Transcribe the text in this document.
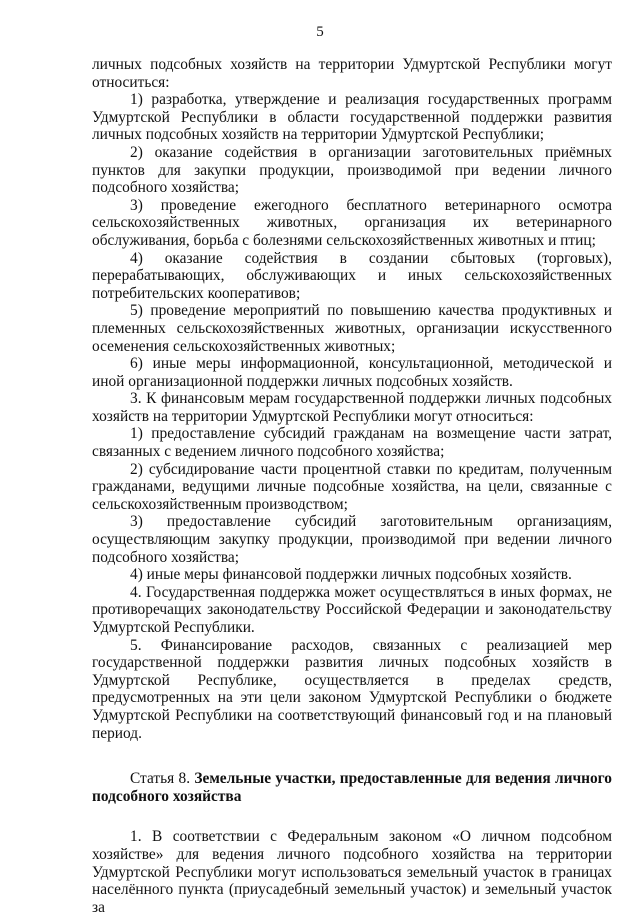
5

личных подсобных хозяйств на территории Удмуртской Республики могут относиться:

1) разработка, утверждение и реализация государственных программ Удмуртской Республики в области государственной поддержки развития личных подсобных хозяйств на территории Удмуртской Республики;

2) оказание содействия в организации заготовительных приёмных пунктов для закупки продукции, производимой при ведении личного подсобного хозяйства;

3) проведение ежегодного бесплатного ветеринарного осмотра сельскохозяйственных животных, организация их ветеринарного обслуживания, борьба с болезнями сельскохозяйственных животных и птиц;

4) оказание содействия в создании сбытовых (торговых), перерабатывающих, обслуживающих и иных сельскохозяйственных потребительских кооперативов;

5) проведение мероприятий по повышению качества продуктивных и племенных сельскохозяйственных животных, организации искусственного осеменения сельскохозяйственных животных;

6) иные меры информационной, консультационной, методической и иной организационной поддержки личных подсобных хозяйств.

3. К финансовым мерам государственной поддержки личных подсобных хозяйств на территории Удмуртской Республики могут относиться:

1) предоставление субсидий гражданам на возмещение части затрат, связанных с ведением личного подсобного хозяйства;

2) субсидирование части процентной ставки по кредитам, полученным гражданами, ведущими личные подсобные хозяйства, на цели, связанные с сельскохозяйственным производством;

3) предоставление субсидий заготовительным организациям, осуществляющим закупку продукции, производимой при ведении личного подсобного хозяйства;

4) иные меры финансовой поддержки личных подсобных хозяйств.

4. Государственная поддержка может осуществляться в иных формах, не противоречащих законодательству Российской Федерации и законодательству Удмуртской Республики.

5. Финансирование расходов, связанных с реализацией мер государственной поддержки развития личных подсобных хозяйств в Удмуртской Республике, осуществляется в пределах средств, предусмотренных на эти цели законом Удмуртской Республики о бюджете Удмуртской Республики на соответствующий финансовый год и на плановый период.

Статья 8. Земельные участки, предоставленные для ведения личного подсобного хозяйства

1. В соответствии с Федеральным законом «О личном подсобном хозяйстве» для ведения личного подсобного хозяйства на территории Удмуртской Республики могут использоваться земельный участок в границах населённого пункта (приусадебный земельный участок) и земельный участок за
